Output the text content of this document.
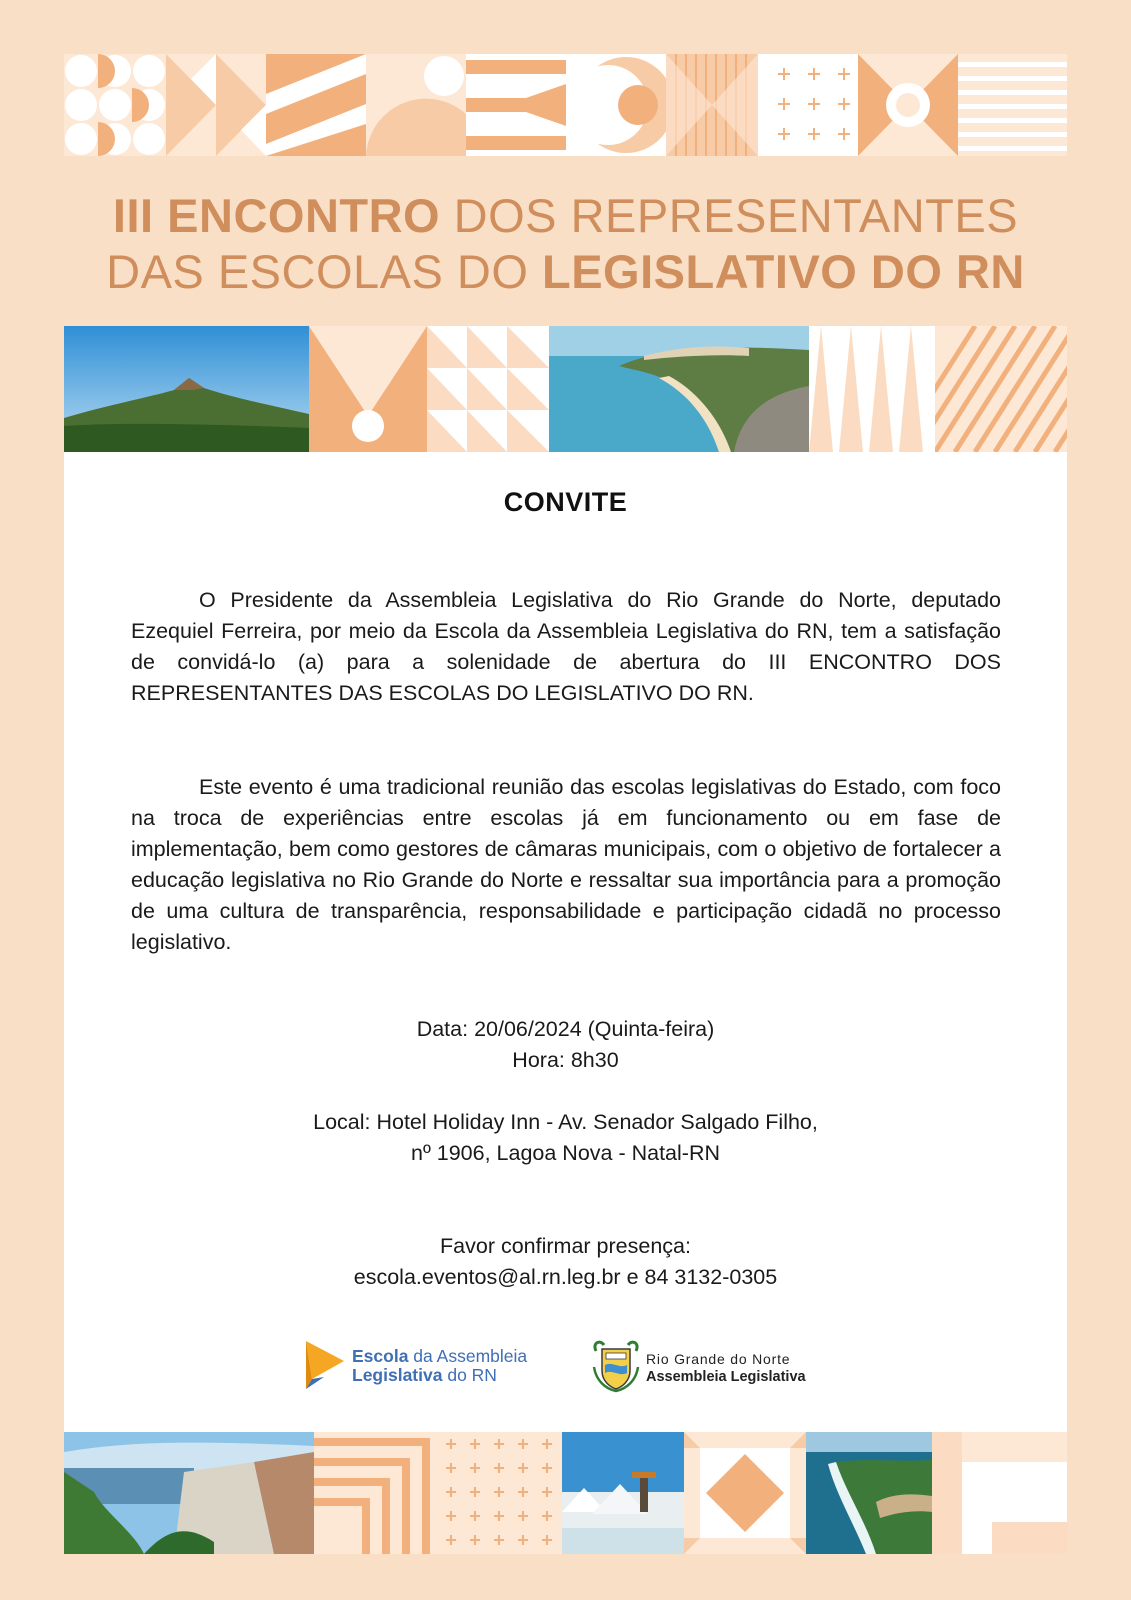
III ENCONTRO DOS REPRESENTANTES
DAS ESCOLAS DO LEGISLATIVO DO RN
CONVITE

O Presidente da Assembleia Legislativa do Rio Grande do Norte, deputado Ezequiel Ferreira, por meio da Escola da Assembleia Legislativa do RN, tem a satisfação de convidá-lo (a) para a solenidade de abertura do III ENCONTRO DOS REPRESENTANTES DAS ESCOLAS DO LEGISLATIVO DO RN.

Este evento é uma tradicional reunião das escolas legislativas do Estado, com foco na troca de experiências entre escolas já em funcionamento ou em fase de implementação, bem como gestores de câmaras municipais, com o objetivo de fortalecer a educação legislativa no Rio Grande do Norte e ressaltar sua importância para a promoção de uma cultura de transparência, responsabilidade e participação cidadã no processo legislativo.

Data: 20/06/2024 (Quinta-feira)
Hora: 8h30
Local: Hotel Holiday Inn - Av. Senador Salgado Filho,
nº 1906, Lagoa Nova - Natal-RN
Favor confirmar presença:
escola.eventos@al.rn.leg.br e 84 3132-0305
Escola da Assembleia
Legislativa do RN
Rio Grande do Norte
Assembleia Legislativa
